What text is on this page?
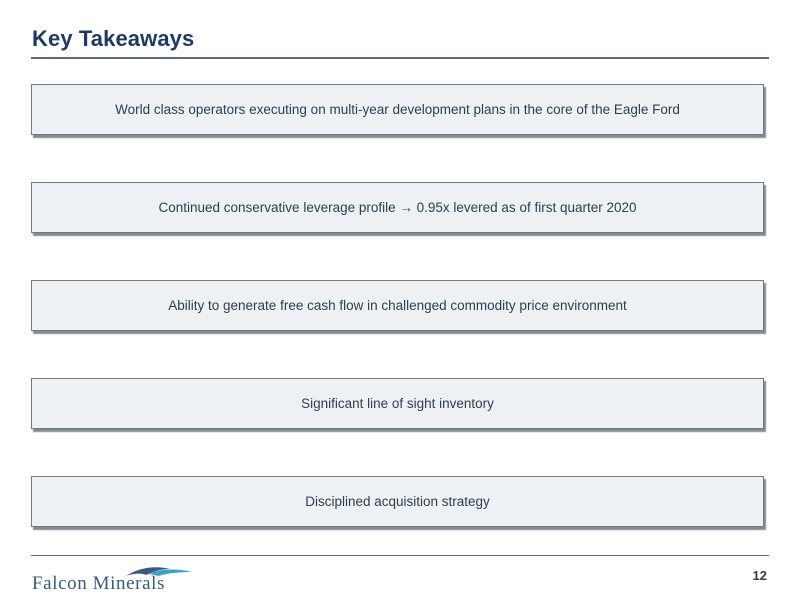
Key Takeaways
World class operators executing on multi-year development plans in the core of the Eagle Ford
Continued conservative leverage profile → 0.95x levered as of first quarter 2020
Ability to generate free cash flow in challenged commodity price environment
Significant line of sight inventory
Disciplined acquisition strategy
Falcon Minerals	12
